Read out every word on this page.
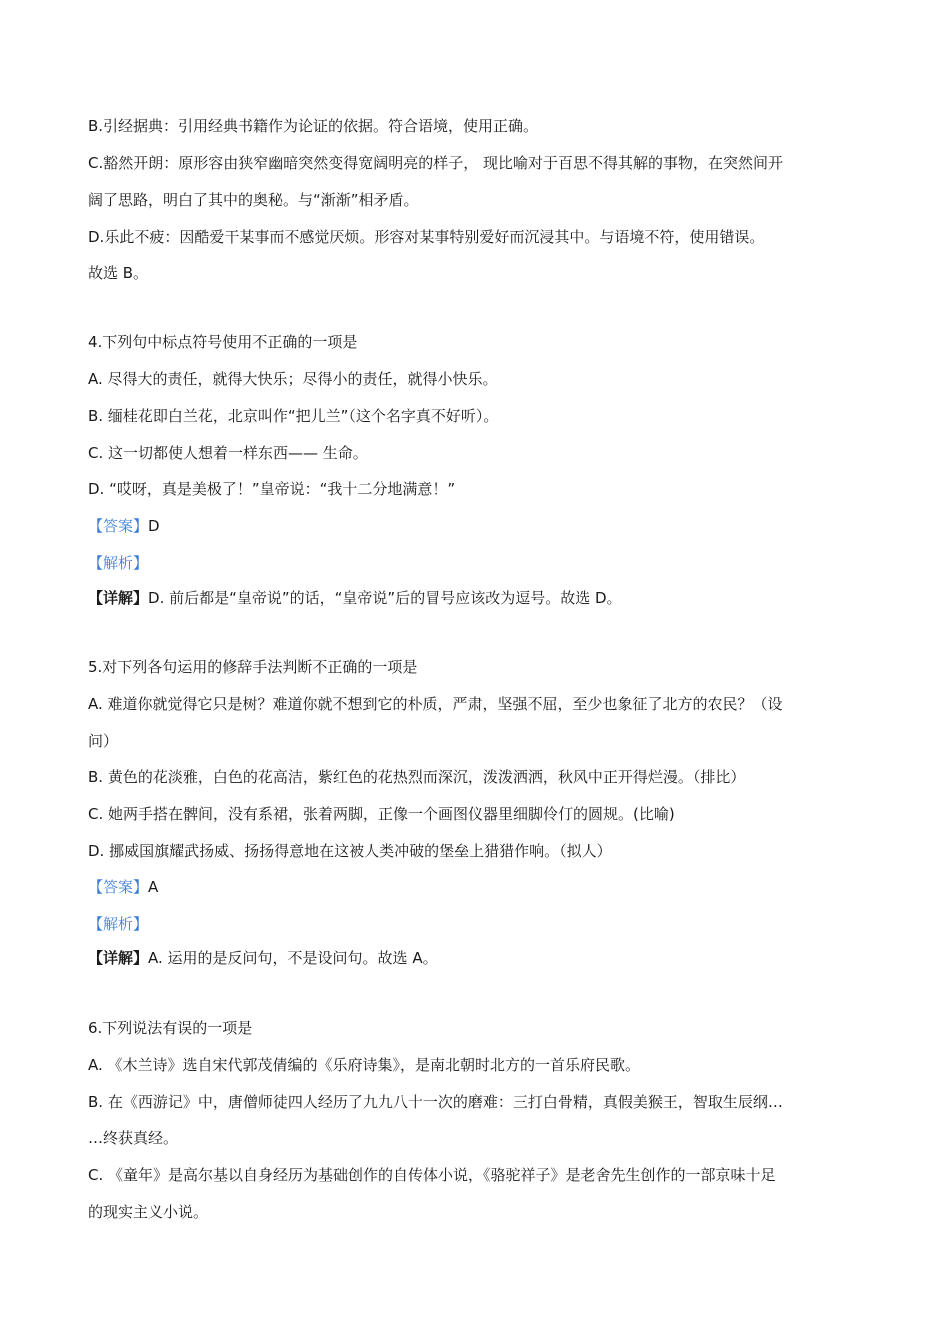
B.引经据典：引用经典书籍作为论证的依据。符合语境，使用正确。
C.豁然开朗：原形容由狭窄幽暗突然变得宽阔明亮的样子， 现比喻对于百思不得其解的事物，在突然间开
阔了思路，明白了其中的奥秘。与“渐渐”相矛盾。
D.乐此不疲：因酷爱干某事而不感觉厌烦。形容对某事特别爱好而沉浸其中。与语境不符，使用错误。
故选 B。
4.下列句中标点符号使用不正确的一项是
A. 尽得大的责任，就得大快乐；尽得小的责任，就得小快乐。
B. 缅桂花即白兰花，北京叫作“把儿兰”（这个名字真不好听）。
C. 这一切都使人想着一样东西—— 生命。
D. “哎呀，真是美极了！”皇帝说：“我十二分地满意！”
【答案】D
【解析】
【详解】D. 前后都是“皇帝说”的话，“皇帝说”后的冒号应该改为逗号。故选 D。
5.对下列各句运用的修辞手法判断不正确的一项是
A. 难道你就觉得它只是树？难道你就不想到它的朴质，严肃，坚强不屈，至少也象征了北方的农民？（设
问）
B. 黄色的花淡雅，白色的花高洁，紫红色的花热烈而深沉，泼泼洒洒，秋风中正开得烂漫。（排比）
C. 她两手搭在髀间，没有系裙，张着两脚，正像一个画图仪器里细脚伶仃的圆规。(比喻)
D. 挪威国旗耀武扬威、扬扬得意地在这被人类冲破的堡垒上猎猎作响。（拟人）
【答案】A
【解析】
【详解】A. 运用的是反问句，不是设问句。故选 A。
6.下列说法有误的一项是
A. 《木兰诗》选自宋代郭茂倩编的《乐府诗集》，是南北朝时北方的一首乐府民歌。
B. 在《西游记》中，唐僧师徒四人经历了九九八十一次的磨难：三打白骨精，真假美猴王，智取生辰纲…
…终获真经。
C. 《童年》是高尔基以自身经历为基础创作的自传体小说，《骆驼祥子》是老舍先生创作的一部京味十足
的现实主义小说。
